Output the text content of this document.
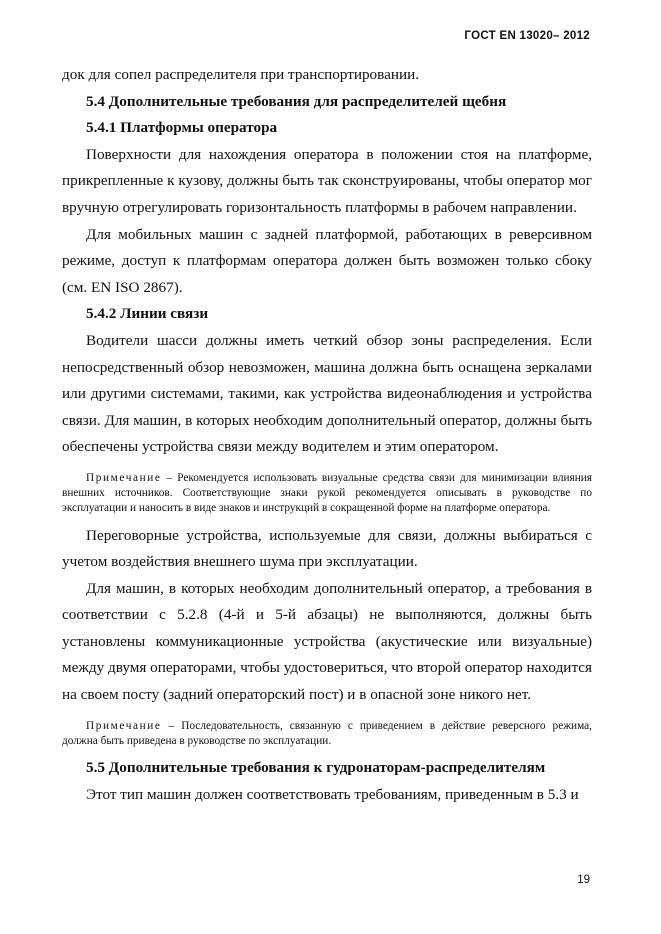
ГОСТ EN 13020– 2012

док для сопел распределителя при транспортировании.

5.4 Дополнительные требования для распределителей щебня

5.4.1 Платформы оператора

Поверхности для нахождения оператора в положении стоя на платформе, прикрепленные к кузову, должны быть так сконструированы, чтобы оператор мог вручную отрегулировать горизонтальность платформы в рабочем направлении.

Для мобильных машин с задней платформой, работающих в реверсивном режиме, доступ к платформам оператора должен быть возможен только сбоку (см. EN ISO 2867).

5.4.2 Линии связи

Водители шасси должны иметь четкий обзор зоны распределения. Если непосредственный обзор невозможен, машина должна быть оснащена зеркалами или другими системами, такими, как устройства видеонаблюдения и устройства связи. Для машин, в которых необходим дополнительный оператор, должны быть обеспечены устройства связи между водителем и этим оператором.

Примечание – Рекомендуется использовать визуальные средства связи для минимизации влияния внешних источников. Соответствующие знаки рукой рекомендуется описывать в руководстве по эксплуатации и наносить в виде знаков и инструкций в сокращенной форме на платформе оператора.

Переговорные устройства, используемые для связи, должны выбираться с учетом воздействия внешнего шума при эксплуатации.

Для машин, в которых необходим дополнительный оператор, а требования в соответствии с 5.2.8 (4-й и 5-й абзацы) не выполняются, должны быть установлены коммуникационные устройства (акустические или визуальные) между двумя операторами, чтобы удостовериться, что второй оператор находится на своем посту (задний операторский пост) и в опасной зоне никого нет.

Примечание – Последовательность, связанную с приведением в действие реверсного режима, должна быть приведена в руководстве по эксплуатации.

5.5 Дополнительные требования к гудронаторам-распределителям

Этот тип машин должен соответствовать требованиям, приведенным в 5.3 и

19
